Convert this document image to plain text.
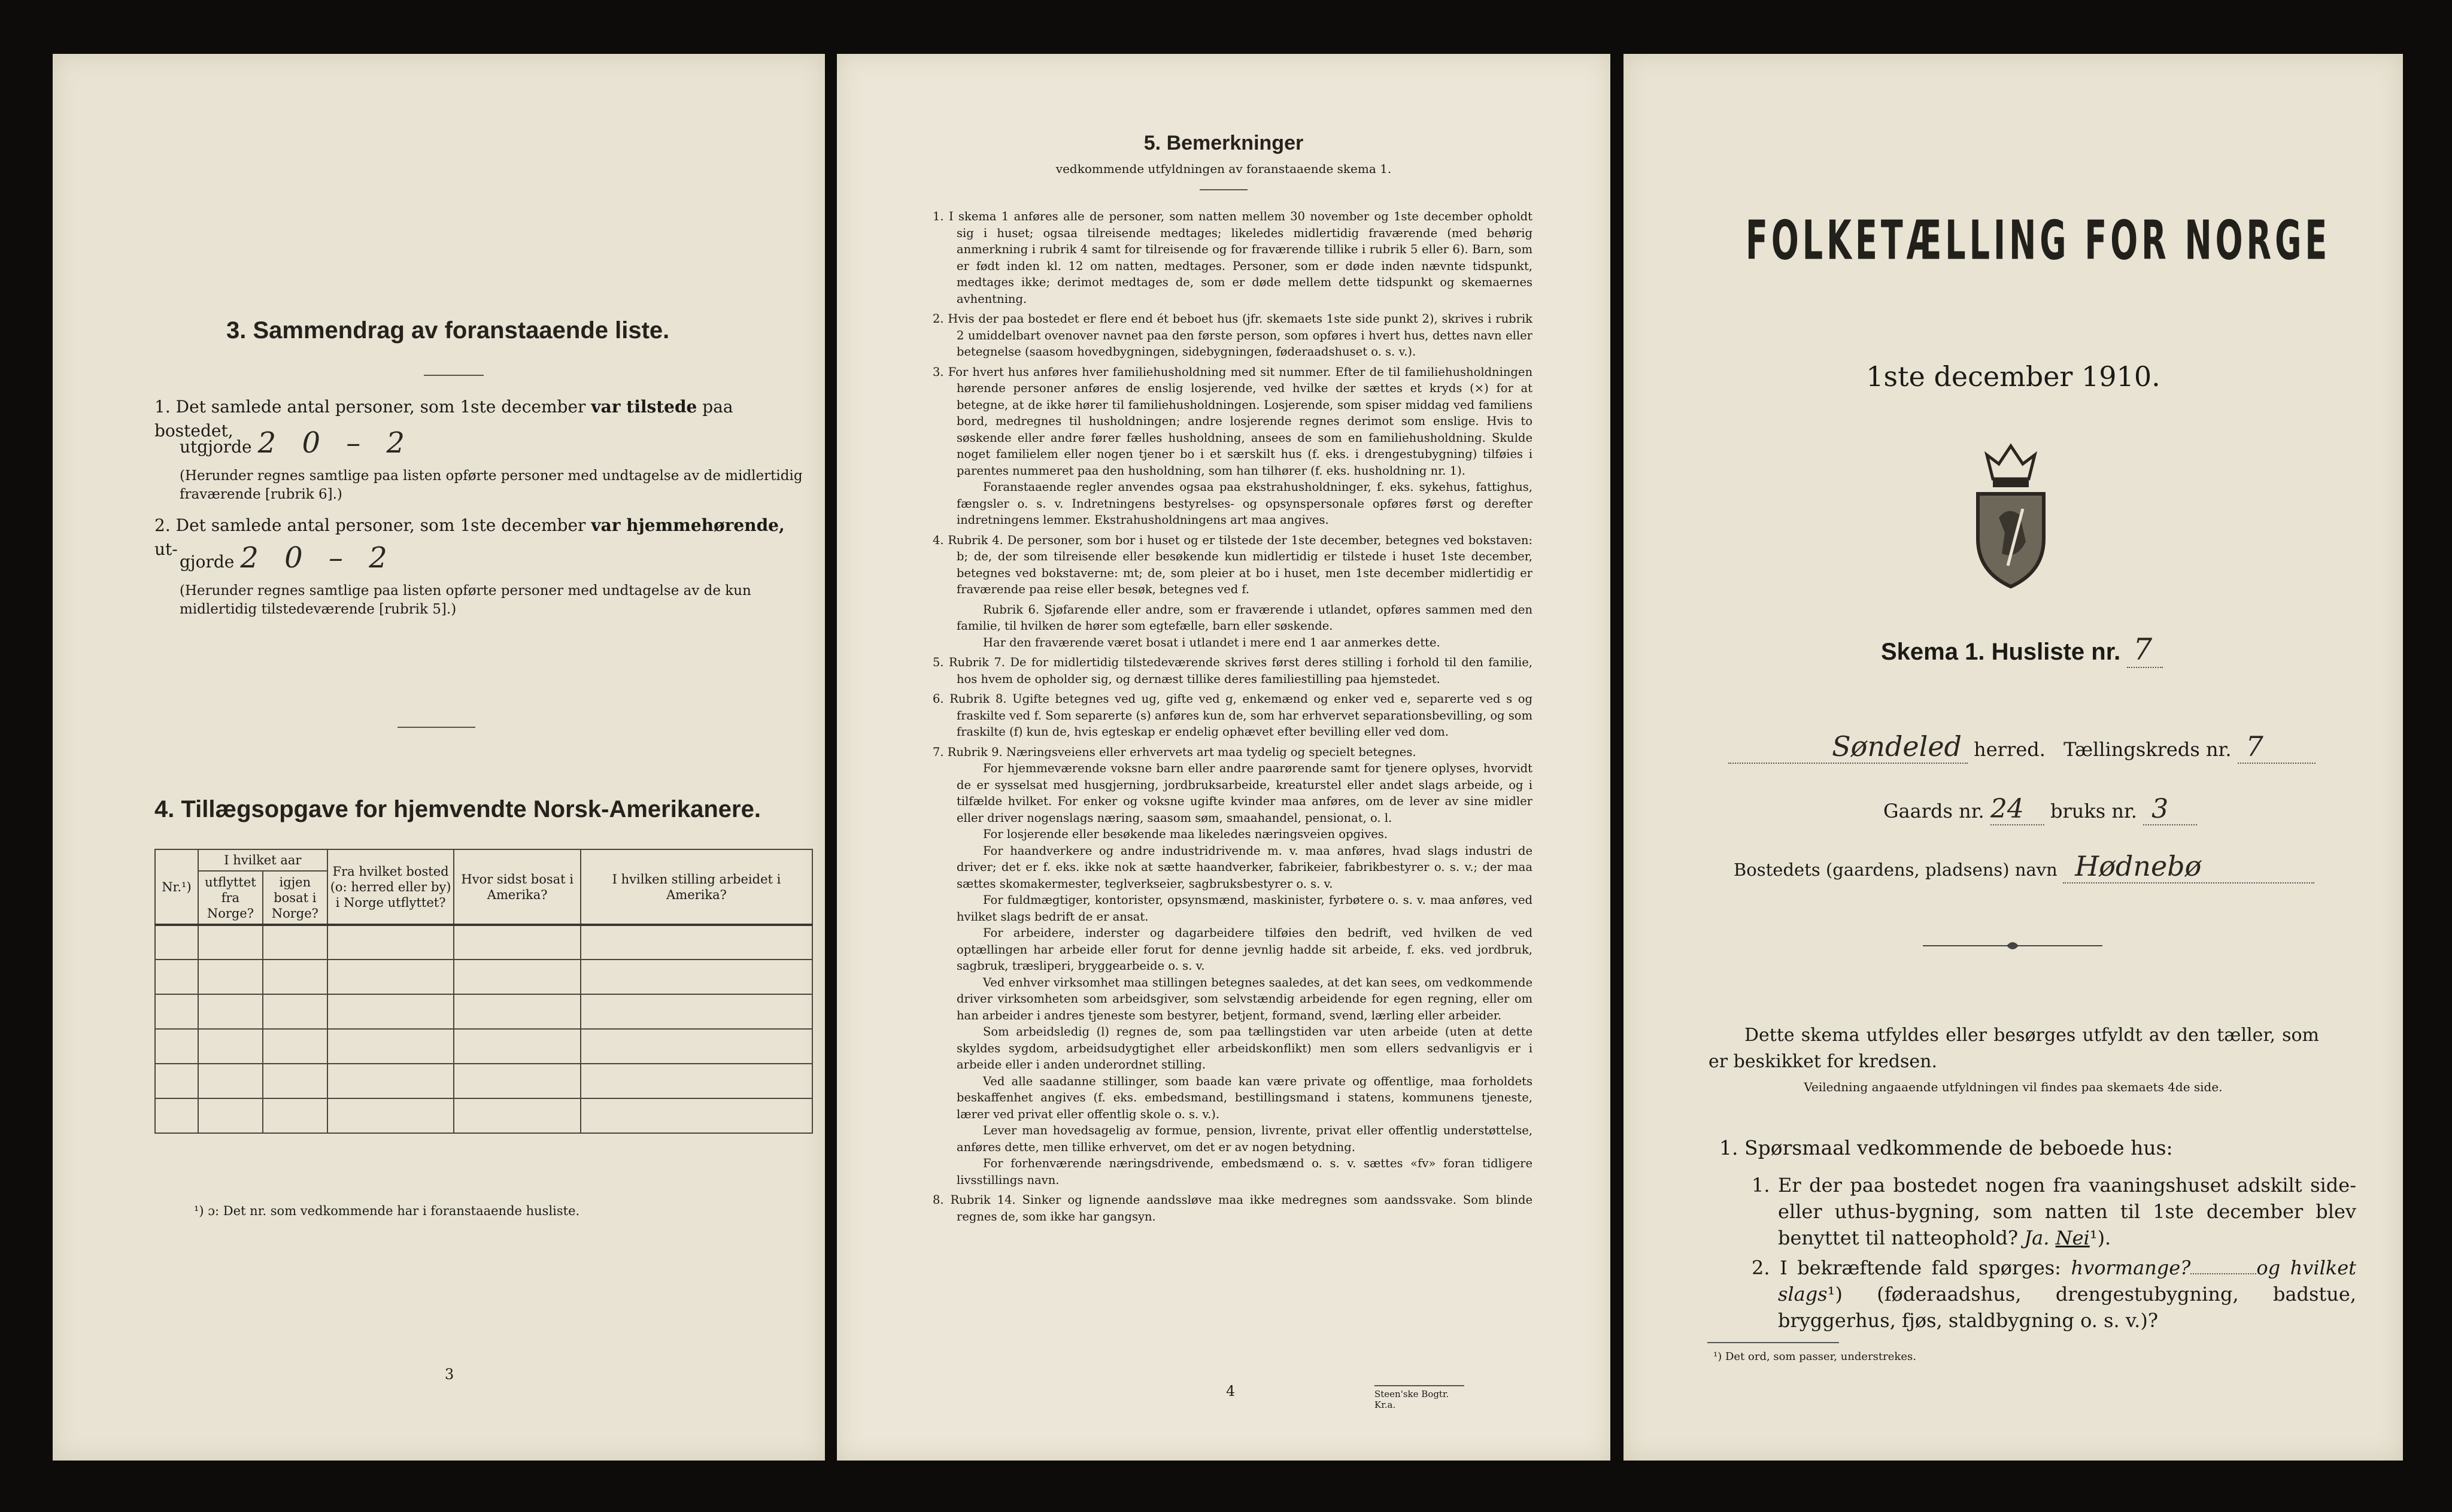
3. Sammendrag av foranstaaende liste.
1. Det samlede antal personer, som 1ste december var tilstede paa bostedet,
utgjorde 2 0 – 2
(Herunder regnes samtlige paa listen opførte personer med undtagelse av de midlertidig fraværende [rubrik 6].)
2. Det samlede antal personer, som 1ste december var hjemmehørende, ut-
gjorde 2 0 – 2
(Herunder regnes samtlige paa listen opførte personer med undtagelse av de kun midlertidig tilstedeværende [rubrik 5].)
4. Tillægsopgave for hjemvendte Norsk-Amerikanere.
Nr.¹)	I hvilket aar		Fra hvilket bosted (o: herred eller by) i Norge utflyttet?	Hvor sidst bosat i Amerika?	I hvilken stilling arbeidet i Amerika?
	utflyttet fra Norge?	igjen bosat i Norge?			

¹) ɔ: Det nr. som vedkommende har i foranstaaende husliste.
3
5. Bemerkninger
vedkommende utfyldningen av foranstaaende skema 1.

1. I skema 1 anføres alle de personer, som natten mellem 30 november og 1ste december opholdt sig i huset; ogsaa tilreisende medtages; likeledes midlertidig fraværende (med behørig anmerkning i rubrik 4 samt for tilreisende og for fraværende tillike i rubrik 5 eller 6). Barn, som er født inden kl. 12 om natten, medtages. Personer, som er døde inden nævnte tidspunkt, medtages ikke; derimot medtages de, som er døde mellem dette tidspunkt og skemaernes avhentning.

2. Hvis der paa bostedet er flere end ét beboet hus (jfr. skemaets 1ste side punkt 2), skrives i rubrik 2 umiddelbart ovenover navnet paa den første person, som opføres i hvert hus, dettes navn eller betegnelse (saasom hovedbygningen, sidebygningen, føderaadshuset o. s. v.).

3. For hvert hus anføres hver familiehusholdning med sit nummer. Efter de til familiehusholdningen hørende personer anføres de enslig losjerende, ved hvilke der sættes et kryds (×) for at betegne, at de ikke hører til familiehusholdningen. Losjerende, som spiser middag ved familiens bord, medregnes til husholdningen; andre losjerende regnes derimot som enslige. Hvis to søskende eller andre fører fælles husholdning, ansees de som en familiehusholdning. Skulde noget familielem eller nogen tjener bo i et særskilt hus (f. eks. i drengestubygning) tilføies i parentes nummeret paa den husholdning, som han tilhører (f. eks. husholdning nr. 1).

Foranstaaende regler anvendes ogsaa paa ekstrahusholdninger, f. eks. sykehus, fattighus, fængsler o. s. v. Indretningens bestyrelses- og opsynspersonale opføres først og derefter indretningens lemmer. Ekstrahusholdningens art maa angives.

4. Rubrik 4. De personer, som bor i huset og er tilstede der 1ste december, betegnes ved bokstaven: b; de, der som tilreisende eller besøkende kun midlertidig er tilstede i huset 1ste december, betegnes ved bokstaverne: mt; de, som pleier at bo i huset, men 1ste december midlertidig er fraværende paa reise eller besøk, betegnes ved f.

Rubrik 6. Sjøfarende eller andre, som er fraværende i utlandet, opføres sammen med den familie, til hvilken de hører som egtefælle, barn eller søskende.

Har den fraværende været bosat i utlandet i mere end 1 aar anmerkes dette.

5. Rubrik 7. De for midlertidig tilstedeværende skrives først deres stilling i forhold til den familie, hos hvem de opholder sig, og dernæst tillike deres familiestilling paa hjemstedet.

6. Rubrik 8. Ugifte betegnes ved ug, gifte ved g, enkemænd og enker ved e, separerte ved s og fraskilte ved f. Som separerte (s) anføres kun de, som har erhvervet separationsbevilling, og som fraskilte (f) kun de, hvis egteskap er endelig ophævet efter bevilling eller ved dom.

7. Rubrik 9. Næringsveiens eller erhvervets art maa tydelig og specielt betegnes.

For hjemmeværende voksne barn eller andre paarørende samt for tjenere oplyses, hvorvidt de er sysselsat med husgjerning, jordbruksarbeide, kreaturstel eller andet slags arbeide, og i tilfælde hvilket. For enker og voksne ugifte kvinder maa anføres, om de lever av sine midler eller driver nogenslags næring, saasom søm, smaahandel, pensionat, o. l.

For losjerende eller besøkende maa likeledes næringsveien opgives.

For haandverkere og andre industridrivende m. v. maa anføres, hvad slags industri de driver; det er f. eks. ikke nok at sætte haandverker, fabrikeier, fabrikbestyrer o. s. v.; der maa sættes skomakermester, teglverkseier, sagbruksbestyrer o. s. v.

For fuldmægtiger, kontorister, opsynsmænd, maskinister, fyrbøtere o. s. v. maa anføres, ved hvilket slags bedrift de er ansat.

For arbeidere, inderster og dagarbeidere tilføies den bedrift, ved hvilken de ved optællingen har arbeide eller forut for denne jevnlig hadde sit arbeide, f. eks. ved jordbruk, sagbruk, træsliperi, bryggearbeide o. s. v.

Ved enhver virksomhet maa stillingen betegnes saaledes, at det kan sees, om vedkommende driver virksomheten som arbeidsgiver, som selvstændig arbeidende for egen regning, eller om han arbeider i andres tjeneste som bestyrer, betjent, formand, svend, lærling eller arbeider.

Som arbeidsledig (l) regnes de, som paa tællingstiden var uten arbeide (uten at dette skyldes sygdom, arbeidsudygtighet eller arbeidskonflikt) men som ellers sedvanligvis er i arbeide eller i anden underordnet stilling.

Ved alle saadanne stillinger, som baade kan være private og offentlige, maa forholdets beskaffenhet angives (f. eks. embedsmand, bestillingsmand i statens, kommunens tjeneste, lærer ved privat eller offentlig skole o. s. v.).

Lever man hovedsagelig av formue, pension, livrente, privat eller offentlig understøttelse, anføres dette, men tillike erhvervet, om det er av nogen betydning.

For forhenværende næringsdrivende, embedsmænd o. s. v. sættes «fv» foran tidligere livsstillings navn.

8. Rubrik 14. Sinker og lignende aandssløve maa ikke medregnes som aandssvake. Som blinde regnes de, som ikke har gangsyn.

4	Steen'ske Bogtr. Kr.a.
FOLKETÆLLING FOR NORGE
1ste december 1910.
Skema 1. Husliste nr. 7
Søndeled herred. Tællingskreds nr. 7
Gaards nr. 24 bruks nr. 3
Bostedets (gaardens, pladsens) navn Hødnebø
Dette skema utfyldes eller besørges utfyldt av den tæller, som er beskikket for kredsen.
Veiledning angaaende utfyldningen vil findes paa skemaets 4de side.
1. Spørsmaal vedkommende de beboede hus:
1. Er der paa bostedet nogen fra vaaningshuset adskilt side- eller uthus-bygning, som natten til 1ste december blev benyttet til natteophold? Ja. Nei¹).
2. I bekræftende fald spørges: hvormange?	og hvilket slags¹) (føderaadshus, drengestubygning, badstue, bryggerhus, fjøs, staldbygning o. s. v.)?
¹) Det ord, som passer, understrekes.
